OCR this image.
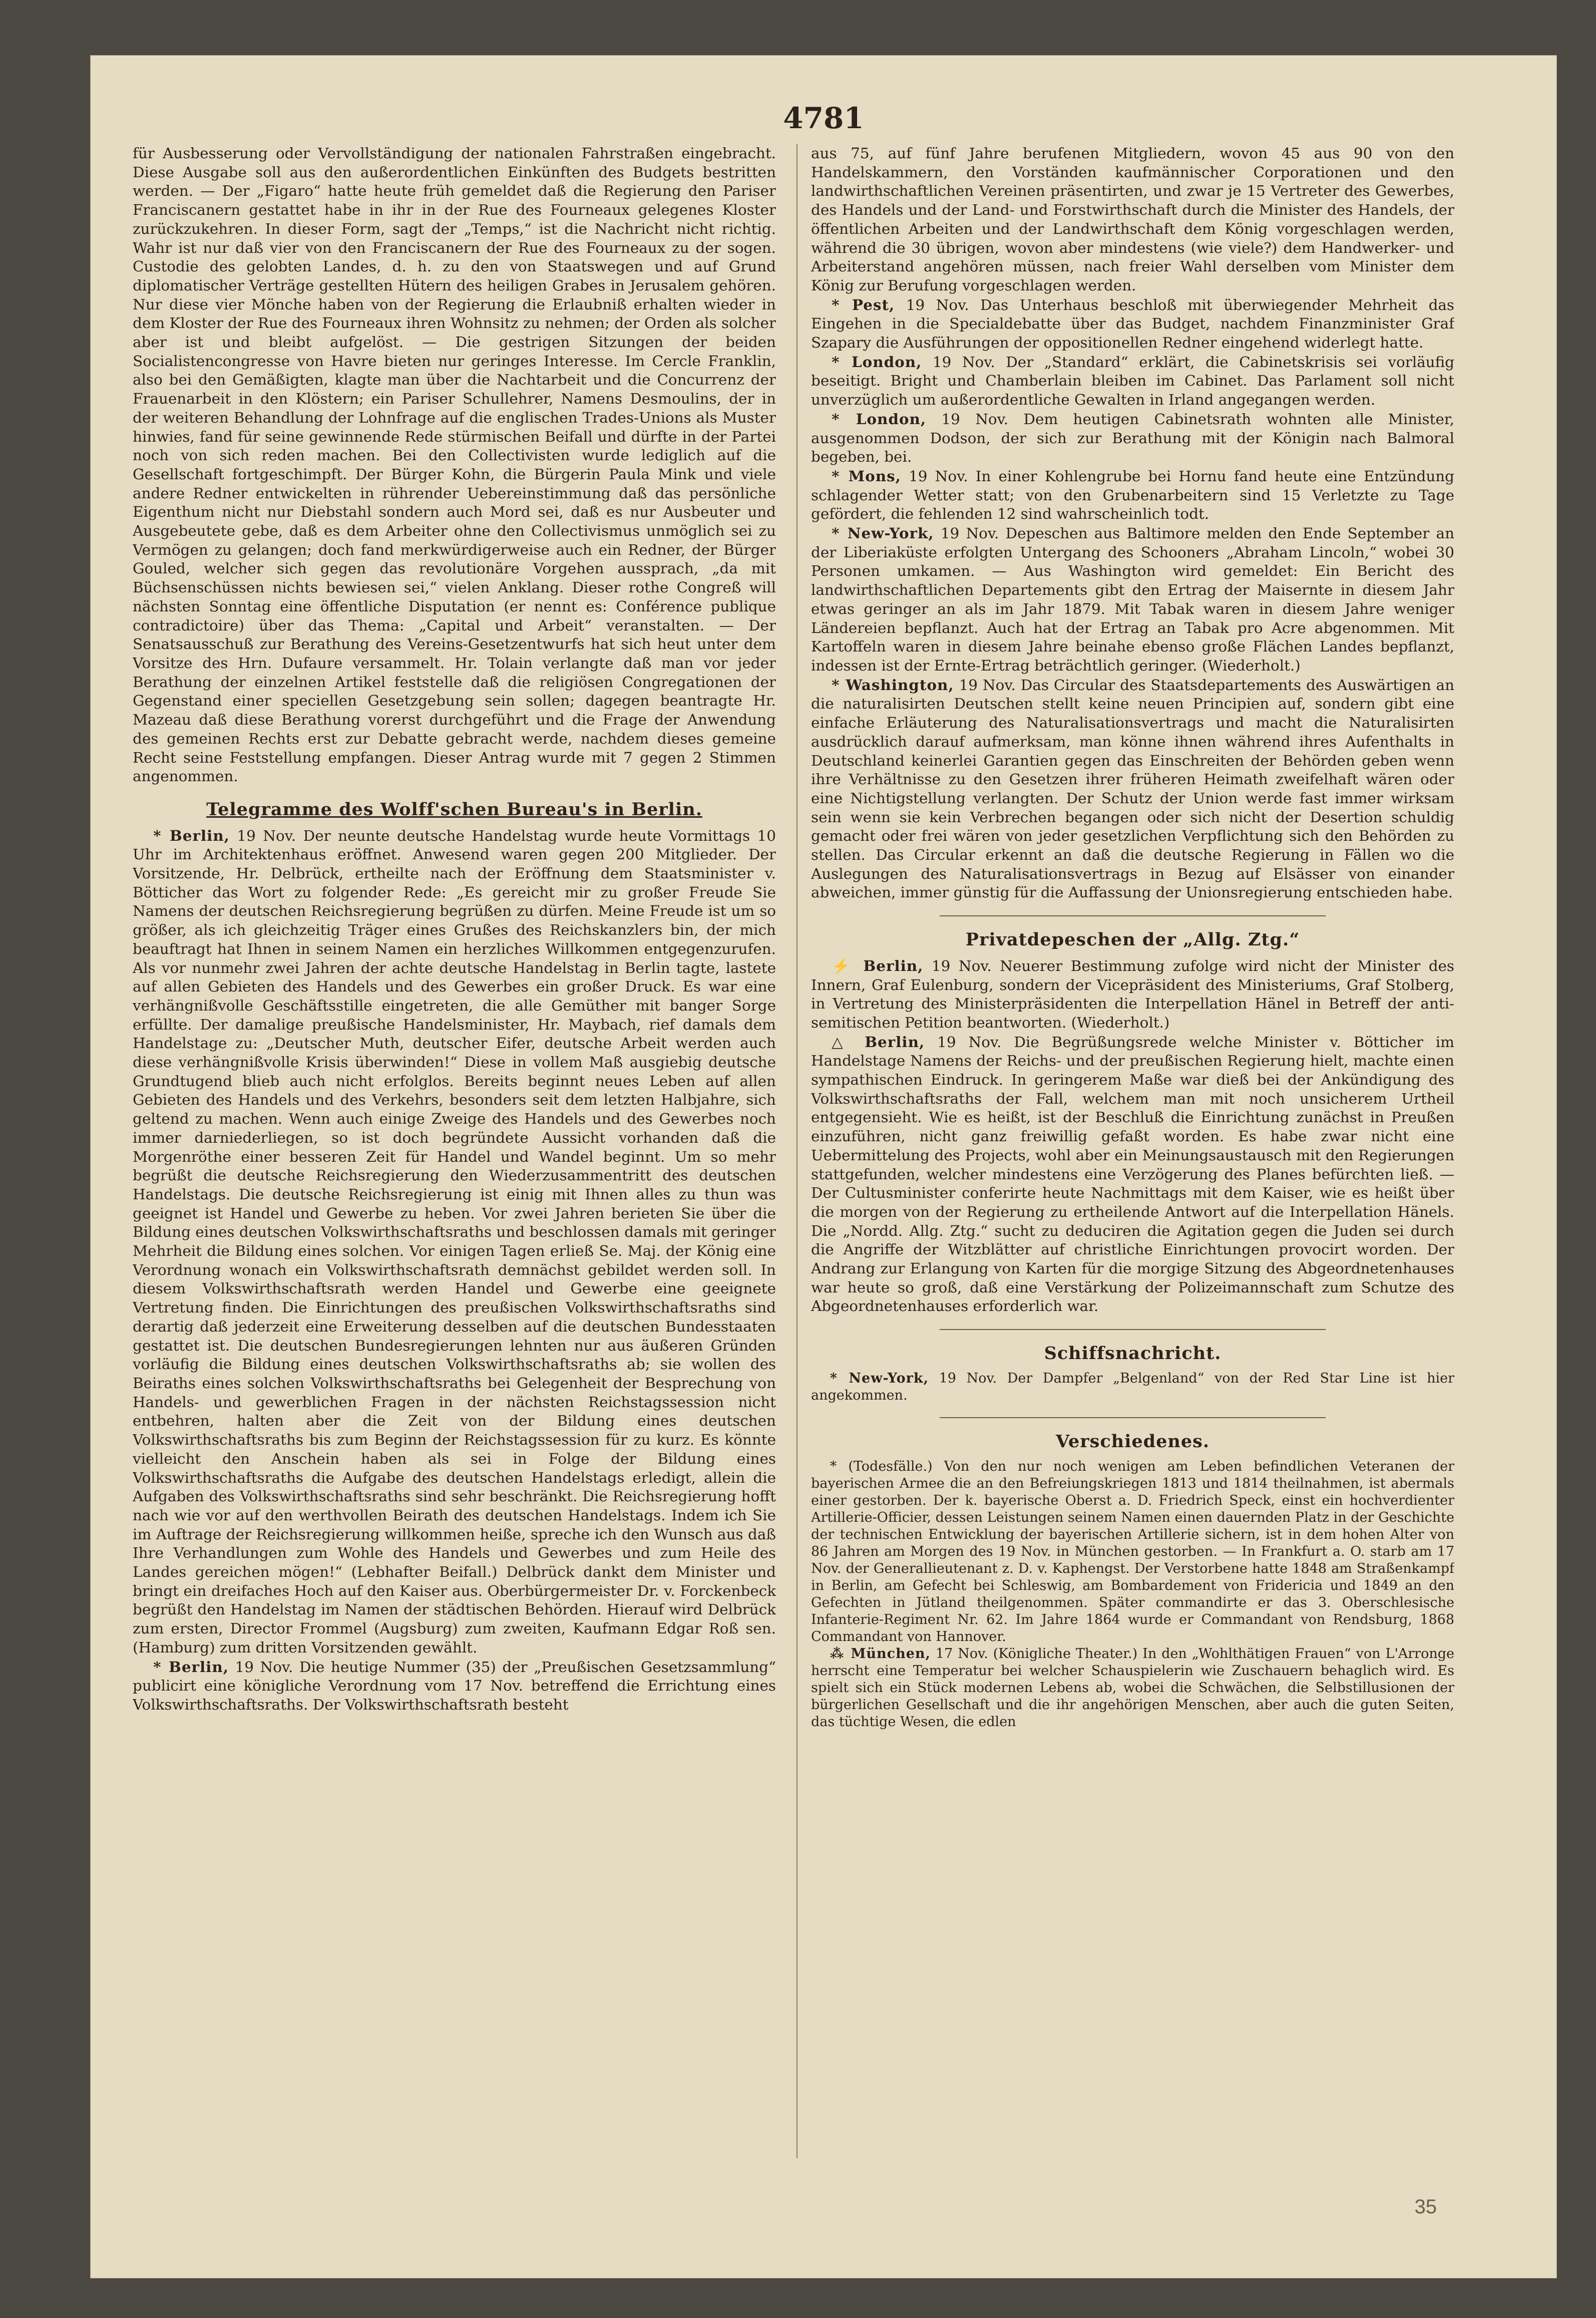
4781

für Ausbesserung oder Vervollständigung der nationalen Fahrstraßen eingebracht. Diese Ausgabe soll aus den außerordentlichen Einkünften des Budgets bestritten werden. — Der „Figaro“ hatte heute früh gemeldet daß die Regierung den Pariser Franciscanern gestattet habe in ihr in der Rue des Fourneaux gelegenes Kloster zurückzukehren. In dieser Form, sagt der „Temps,“ ist die Nachricht nicht richtig. Wahr ist nur daß vier von den Franciscanern der Rue des Fourneaux zu der sogen. Custodie des gelobten Landes, d. h. zu den von Staatswegen und auf Grund diplomatischer Verträge gestellten Hütern des heiligen Grabes in Jerusalem gehören. Nur diese vier Mönche haben von der Regierung die Erlaubniß erhalten wieder in dem Kloster der Rue des Fourneaux ihren Wohnsitz zu nehmen; der Orden als solcher aber ist und bleibt aufgelöst. — Die gestrigen Sitzungen der beiden Socialistencongresse von Havre bieten nur geringes Interesse. Im Cercle Franklin, also bei den Gemäßigten, klagte man über die Nachtarbeit und die Concurrenz der Frauenarbeit in den Klöstern; ein Pariser Schullehrer, Namens Desmoulins, der in der weiteren Behandlung der Lohnfrage auf die englischen Trades-Unions als Muster hinwies, fand für seine gewinnende Rede stürmischen Beifall und dürfte in der Partei noch von sich reden machen. Bei den Collectivisten wurde lediglich auf die Gesellschaft fortgeschimpft. Der Bürger Kohn, die Bürgerin Paula Mink und viele andere Redner entwickelten in rührender Uebereinstimmung daß das persönliche Eigenthum nicht nur Diebstahl sondern auch Mord sei, daß es nur Ausbeuter und Ausgebeutete gebe, daß es dem Arbeiter ohne den Collectivismus unmöglich sei zu Vermögen zu gelangen; doch fand merkwürdigerweise auch ein Redner, der Bürger Gouled, welcher sich gegen das revolutionäre Vorgehen aussprach, „da mit Büchsenschüssen nichts bewiesen sei,“ vielen Anklang. Dieser rothe Congreß will nächsten Sonntag eine öffentliche Disputation (er nennt es: Conférence publique contradictoire) über das Thema: „Capital und Arbeit“ veranstalten. — Der Senatsausschuß zur Berathung des Vereins-Gesetzentwurfs hat sich heut unter dem Vorsitze des Hrn. Dufaure versammelt. Hr. Tolain verlangte daß man vor jeder Berathung der einzelnen Artikel feststelle daß die religiösen Congregationen der Gegenstand einer speciellen Gesetzgebung sein sollen; dagegen beantragte Hr. Mazeau daß diese Berathung vorerst durchgeführt und die Frage der Anwendung des gemeinen Rechts erst zur Debatte gebracht werde, nachdem dieses gemeine Recht seine Feststellung empfangen. Dieser Antrag wurde mit 7 gegen 2 Stimmen angenommen.

Telegramme des Wolff'schen Bureau's in Berlin.

* Berlin, 19 Nov. Der neunte deutsche Handelstag wurde heute Vormittags 10 Uhr im Architektenhaus eröffnet. Anwesend waren gegen 200 Mitglieder. Der Vorsitzende, Hr. Delbrück, ertheilte nach der Eröffnung dem Staatsminister v. Bötticher das Wort zu folgender Rede: „Es gereicht mir zu großer Freude Sie Namens der deutschen Reichsregierung begrüßen zu dürfen. Meine Freude ist um so größer, als ich gleichzeitig Träger eines Grußes des Reichskanzlers bin, der mich beauftragt hat Ihnen in seinem Namen ein herzliches Willkommen entgegenzurufen. Als vor nunmehr zwei Jahren der achte deutsche Handelstag in Berlin tagte, lastete auf allen Gebieten des Handels und des Gewerbes ein großer Druck. Es war eine verhängnißvolle Geschäftsstille eingetreten, die alle Gemüther mit banger Sorge erfüllte. Der damalige preußische Handelsminister, Hr. Maybach, rief damals dem Handelstage zu: „Deutscher Muth, deutscher Eifer, deutsche Arbeit werden auch diese verhängnißvolle Krisis überwinden!“ Diese in vollem Maß ausgiebig deutsche Grundtugend blieb auch nicht erfolglos. Bereits beginnt neues Leben auf allen Gebieten des Handels und des Verkehrs, besonders seit dem letzten Halbjahre, sich geltend zu machen. Wenn auch einige Zweige des Handels und des Gewerbes noch immer darniederliegen, so ist doch begründete Aussicht vorhanden daß die Morgenröthe einer besseren Zeit für Handel und Wandel beginnt. Um so mehr begrüßt die deutsche Reichsregierung den Wiederzusammentritt des deutschen Handelstags. Die deutsche Reichsregierung ist einig mit Ihnen alles zu thun was geeignet ist Handel und Gewerbe zu heben. Vor zwei Jahren berieten Sie über die Bildung eines deutschen Volkswirthschaftsraths und beschlossen damals mit geringer Mehrheit die Bildung eines solchen. Vor einigen Tagen erließ Se. Maj. der König eine Verordnung wonach ein Volkswirthschaftsrath demnächst gebildet werden soll. In diesem Volkswirthschaftsrath werden Handel und Gewerbe eine geeignete Vertretung finden. Die Einrichtungen des preußischen Volkswirthschaftsraths sind derartig daß jederzeit eine Erweiterung desselben auf die deutschen Bundesstaaten gestattet ist. Die deutschen Bundesregierungen lehnten nur aus äußeren Gründen vorläufig die Bildung eines deutschen Volkswirthschaftsraths ab; sie wollen des Beiraths eines solchen Volkswirthschaftsraths bei Gelegenheit der Besprechung von Handels- und gewerblichen Fragen in der nächsten Reichstagssession nicht entbehren, halten aber die Zeit von der Bildung eines deutschen Volkswirthschaftsraths bis zum Beginn der Reichstagssession für zu kurz. Es könnte vielleicht den Anschein haben als sei in Folge der Bildung eines Volkswirthschaftsraths die Aufgabe des deutschen Handelstags erledigt, allein die Aufgaben des Volkswirthschaftsraths sind sehr beschränkt. Die Reichsregierung hofft nach wie vor auf den werthvollen Beirath des deutschen Handelstags. Indem ich Sie im Auftrage der Reichsregierung willkommen heiße, spreche ich den Wunsch aus daß Ihre Verhandlungen zum Wohle des Handels und Gewerbes und zum Heile des Landes gereichen mögen!“ (Lebhafter Beifall.) Delbrück dankt dem Minister und bringt ein dreifaches Hoch auf den Kaiser aus. Oberbürgermeister Dr. v. Forckenbeck begrüßt den Handelstag im Namen der städtischen Behörden. Hierauf wird Delbrück zum ersten, Director Frommel (Augsburg) zum zweiten, Kaufmann Edgar Roß sen. (Hamburg) zum dritten Vorsitzenden gewählt.

* Berlin, 19 Nov. Die heutige Nummer (35) der „Preußischen Gesetzsammlung“ publicirt eine königliche Verordnung vom 17 Nov. betreffend die Errichtung eines Volkswirthschaftsraths. Der Volkswirthschaftsrath besteht

aus 75, auf fünf Jahre berufenen Mitgliedern, wovon 45 aus 90 von den Handelskammern, den Vorständen kaufmännischer Corporationen und den landwirthschaftlichen Vereinen präsentirten, und zwar je 15 Vertreter des Gewerbes, des Handels und der Land- und Forstwirthschaft durch die Minister des Handels, der öffentlichen Arbeiten und der Landwirthschaft dem König vorgeschlagen werden, während die 30 übrigen, wovon aber mindestens (wie viele?) dem Handwerker- und Arbeiterstand angehören müssen, nach freier Wahl derselben vom Minister dem König zur Berufung vorgeschlagen werden.

* Pest, 19 Nov. Das Unterhaus beschloß mit überwiegender Mehrheit das Eingehen in die Specialdebatte über das Budget, nachdem Finanzminister Graf Szapary die Ausführungen der oppositionellen Redner eingehend widerlegt hatte.

* London, 19 Nov. Der „Standard“ erklärt, die Cabinetskrisis sei vorläufig beseitigt. Bright und Chamberlain bleiben im Cabinet. Das Parlament soll nicht unverzüglich um außerordentliche Gewalten in Irland angegangen werden.

* London, 19 Nov. Dem heutigen Cabinetsrath wohnten alle Minister, ausgenommen Dodson, der sich zur Berathung mit der Königin nach Balmoral begeben, bei.

* Mons, 19 Nov. In einer Kohlengrube bei Hornu fand heute eine Entzündung schlagender Wetter statt; von den Grubenarbeitern sind 15 Verletzte zu Tage gefördert, die fehlenden 12 sind wahrscheinlich todt.

* New-York, 19 Nov. Depeschen aus Baltimore melden den Ende September an der Liberiaküste erfolgten Untergang des Schooners „Abraham Lincoln,“ wobei 30 Personen umkamen. — Aus Washington wird gemeldet: Ein Bericht des landwirthschaftlichen Departements gibt den Ertrag der Maisernte in diesem Jahr etwas geringer an als im Jahr 1879. Mit Tabak waren in diesem Jahre weniger Ländereien bepflanzt. Auch hat der Ertrag an Tabak pro Acre abgenommen. Mit Kartoffeln waren in diesem Jahre beinahe ebenso große Flächen Landes bepflanzt, indessen ist der Ernte-Ertrag beträchtlich geringer. (Wiederholt.)

* Washington, 19 Nov. Das Circular des Staatsdepartements des Auswärtigen an die naturalisirten Deutschen stellt keine neuen Principien auf, sondern gibt eine einfache Erläuterung des Naturalisationsvertrags und macht die Naturalisirten ausdrücklich darauf aufmerksam, man könne ihnen während ihres Aufenthalts in Deutschland keinerlei Garantien gegen das Einschreiten der Behörden geben wenn ihre Verhältnisse zu den Gesetzen ihrer früheren Heimath zweifelhaft wären oder eine Nichtigstellung verlangten. Der Schutz der Union werde fast immer wirksam sein wenn sie kein Verbrechen begangen oder sich nicht der Desertion schuldig gemacht oder frei wären von jeder gesetzlichen Verpflichtung sich den Behörden zu stellen. Das Circular erkennt an daß die deutsche Regierung in Fällen wo die Auslegungen des Naturalisationsvertrags in Bezug auf Elsässer von einander abweichen, immer günstig für die Auffassung der Unionsregierung entschieden habe.

Privatdepeschen der „Allg. Ztg.“

⚡ Berlin, 19 Nov. Neuerer Bestimmung zufolge wird nicht der Minister des Innern, Graf Eulenburg, sondern der Vicepräsident des Ministeriums, Graf Stolberg, in Vertretung des Ministerpräsidenten die Interpellation Hänel in Betreff der anti-semitischen Petition beantworten. (Wiederholt.)

△ Berlin, 19 Nov. Die Begrüßungsrede welche Minister v. Bötticher im Handelstage Namens der Reichs- und der preußischen Regierung hielt, machte einen sympathischen Eindruck. In geringerem Maße war dieß bei der Ankündigung des Volkswirthschaftsraths der Fall, welchem man mit noch unsicherem Urtheil entgegensieht. Wie es heißt, ist der Beschluß die Einrichtung zunächst in Preußen einzuführen, nicht ganz freiwillig gefaßt worden. Es habe zwar nicht eine Uebermittelung des Projects, wohl aber ein Meinungsaustausch mit den Regierungen stattgefunden, welcher mindestens eine Verzögerung des Planes befürchten ließ. — Der Cultusminister conferirte heute Nachmittags mit dem Kaiser, wie es heißt über die morgen von der Regierung zu ertheilende Antwort auf die Interpellation Hänels. Die „Nordd. Allg. Ztg.“ sucht zu deduciren die Agitation gegen die Juden sei durch die Angriffe der Witzblätter auf christliche Einrichtungen provocirt worden. Der Andrang zur Erlangung von Karten für die morgige Sitzung des Abgeordnetenhauses war heute so groß, daß eine Verstärkung der Polizeimannschaft zum Schutze des Abgeordnetenhauses erforderlich war.

Schiffsnachricht.

* New-York, 19 Nov. Der Dampfer „Belgenland“ von der Red Star Line ist hier angekommen.

Verschiedenes.

* (Todesfälle.) Von den nur noch wenigen am Leben befindlichen Veteranen der bayerischen Armee die an den Befreiungskriegen 1813 und 1814 theilnahmen, ist abermals einer gestorben. Der k. bayerische Oberst a. D. Friedrich Speck, einst ein hochverdienter Artillerie-Officier, dessen Leistungen seinem Namen einen dauernden Platz in der Geschichte der technischen Entwicklung der bayerischen Artillerie sichern, ist in dem hohen Alter von 86 Jahren am Morgen des 19 Nov. in München gestorben. — In Frankfurt a. O. starb am 17 Nov. der Generallieutenant z. D. v. Kaphengst. Der Verstorbene hatte 1848 am Straßenkampf in Berlin, am Gefecht bei Schleswig, am Bombardement von Fridericia und 1849 an den Gefechten in Jütland theilgenommen. Später commandirte er das 3. Oberschlesische Infanterie-Regiment Nr. 62. Im Jahre 1864 wurde er Commandant von Rendsburg, 1868 Commandant von Hannover.

⁂ München, 17 Nov. (Königliche Theater.) In den „Wohlthätigen Frauen“ von L'Arronge herrscht eine Temperatur bei welcher Schauspielerin wie Zuschauern behaglich wird. Es spielt sich ein Stück modernen Lebens ab, wobei die Schwächen, die Selbstillusionen der bürgerlichen Gesellschaft und die ihr angehörigen Menschen, aber auch die guten Seiten, das tüchtige Wesen, die edlen

35
